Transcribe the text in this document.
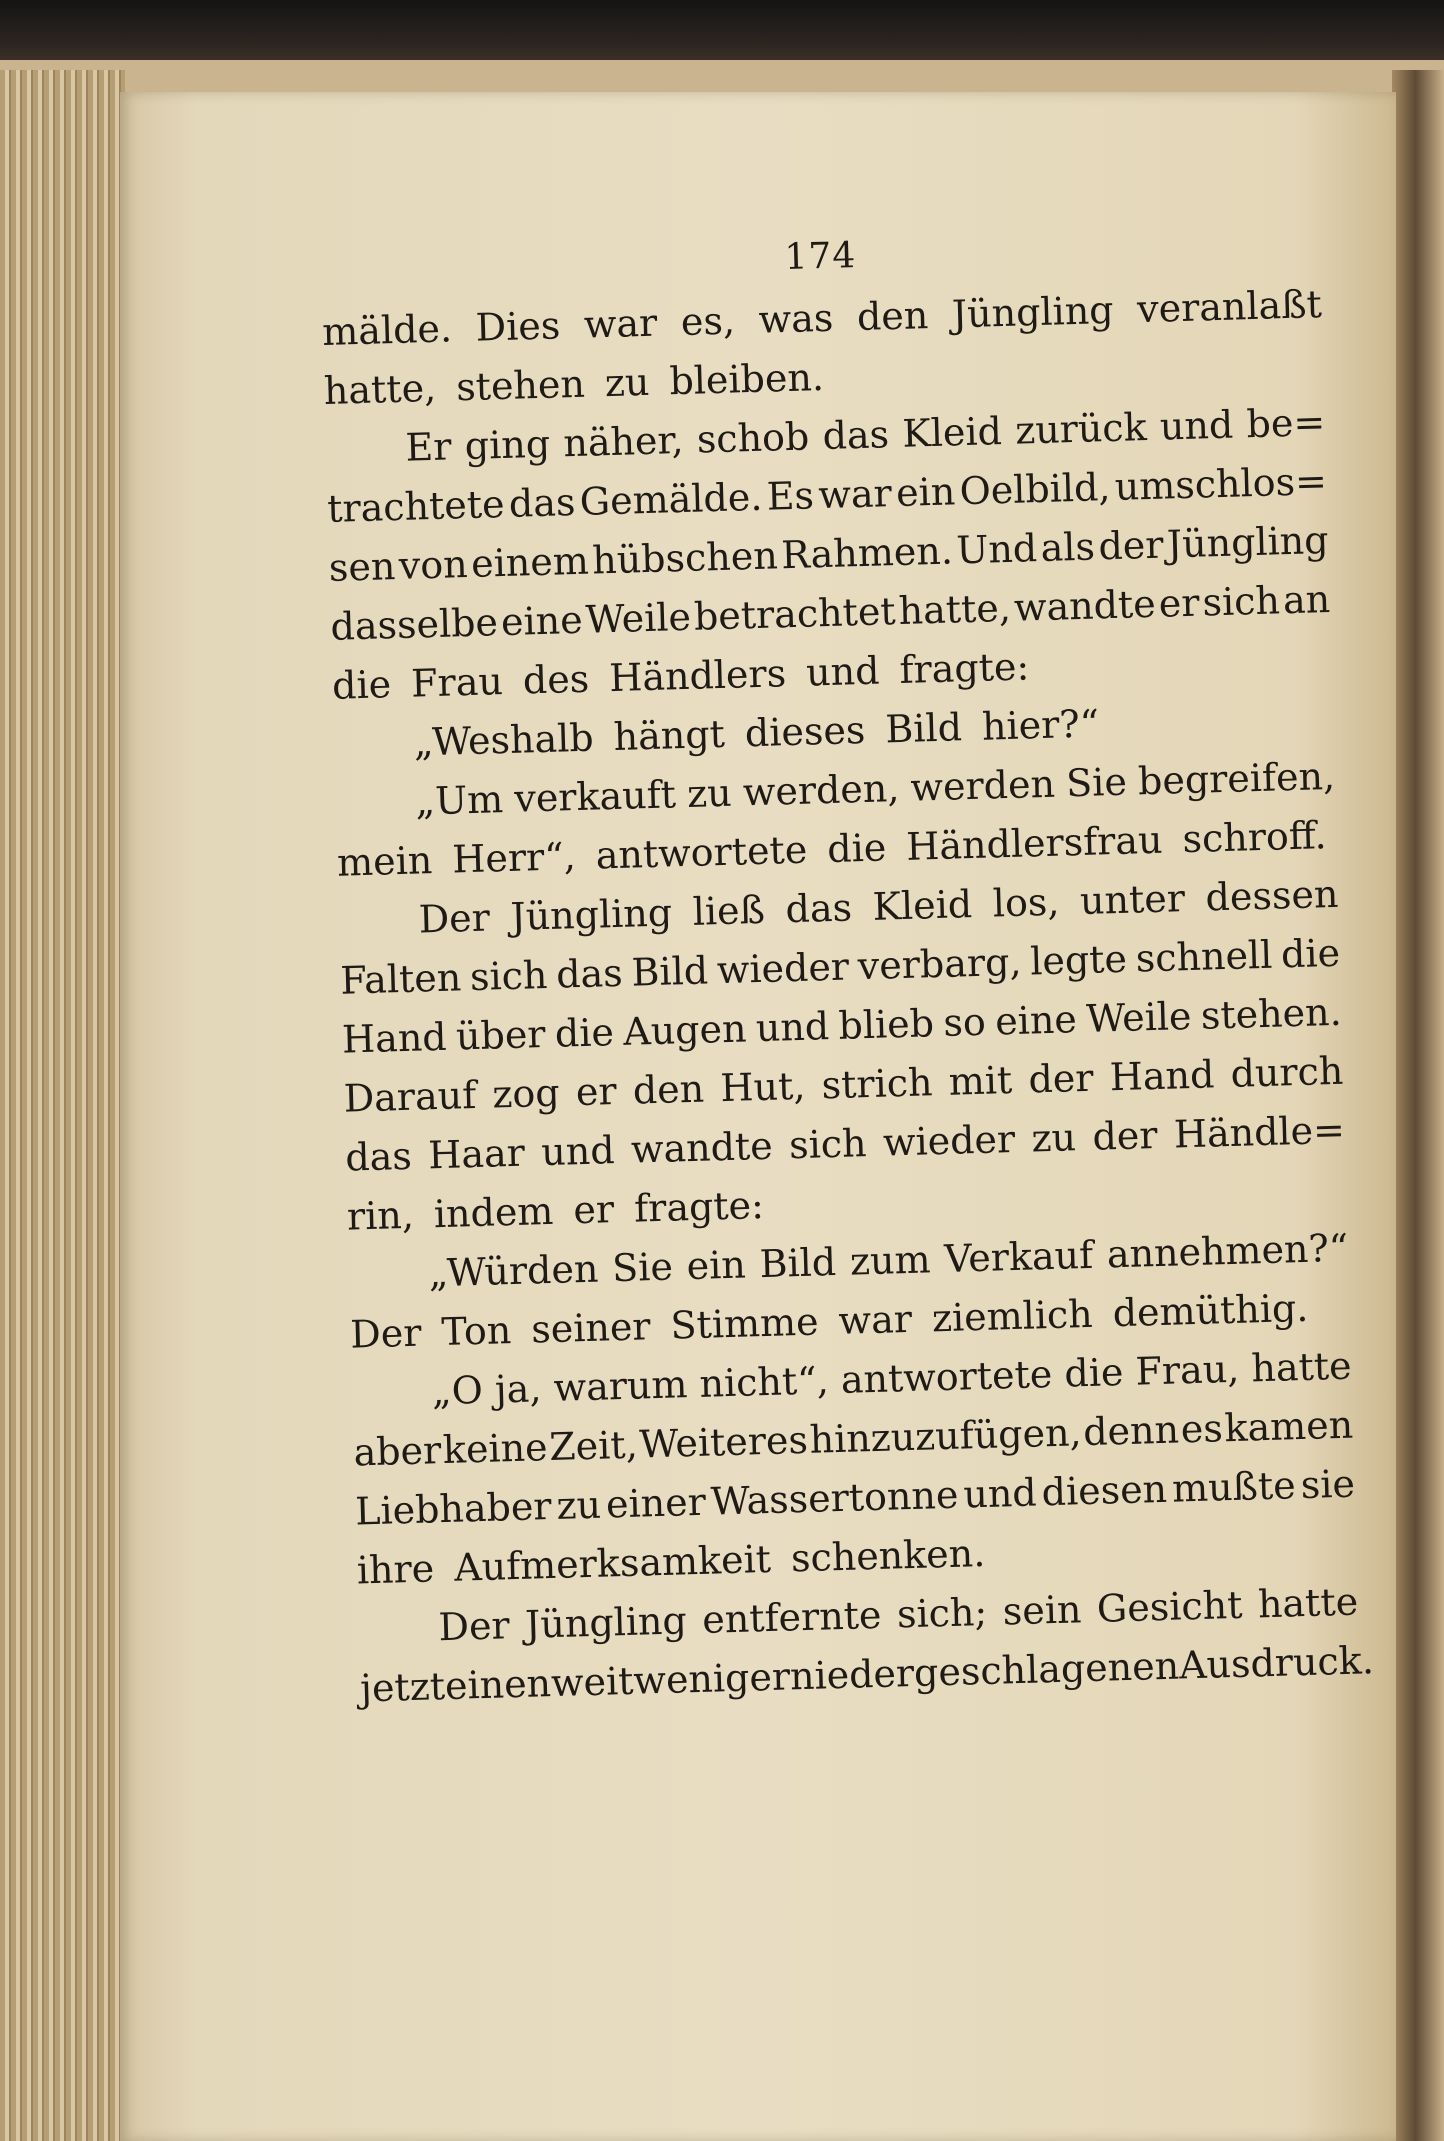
174
mälde. Dies war es, was den Jüngling veranlaßt
hatte, stehen zu bleiben.
Er ging näher, schob das Kleid zurück und be=
trachtete das Gemälde. Es war ein Oelbild, umschlos=
sen von einem hübschen Rahmen. Und als der Jüngling
dasselbe eine Weile betrachtet hatte, wandte er sich an
die Frau des Händlers und fragte:
„Weshalb hängt dieses Bild hier?“
„Um verkauft zu werden, werden Sie begreifen,
mein Herr“, antwortete die Händlersfrau schroff.
Der Jüngling ließ das Kleid los, unter dessen
Falten sich das Bild wieder verbarg, legte schnell die
Hand über die Augen und blieb so eine Weile stehen.
Darauf zog er den Hut, strich mit der Hand durch
das Haar und wandte sich wieder zu der Händle=
rin, indem er fragte:
„Würden Sie ein Bild zum Verkauf annehmen?“
Der Ton seiner Stimme war ziemlich demüthig.
„O ja, warum nicht“, antwortete die Frau, hatte
aber keine Zeit, Weiteres hinzuzufügen, denn es kamen
Liebhaber zu einer Wassertonne und diesen mußte sie
ihre Aufmerksamkeit schenken.
Der Jüngling entfernte sich; sein Gesicht hatte
jetzt
einen
weit
weniger
niedergeschlagenen
Ausdruck.
